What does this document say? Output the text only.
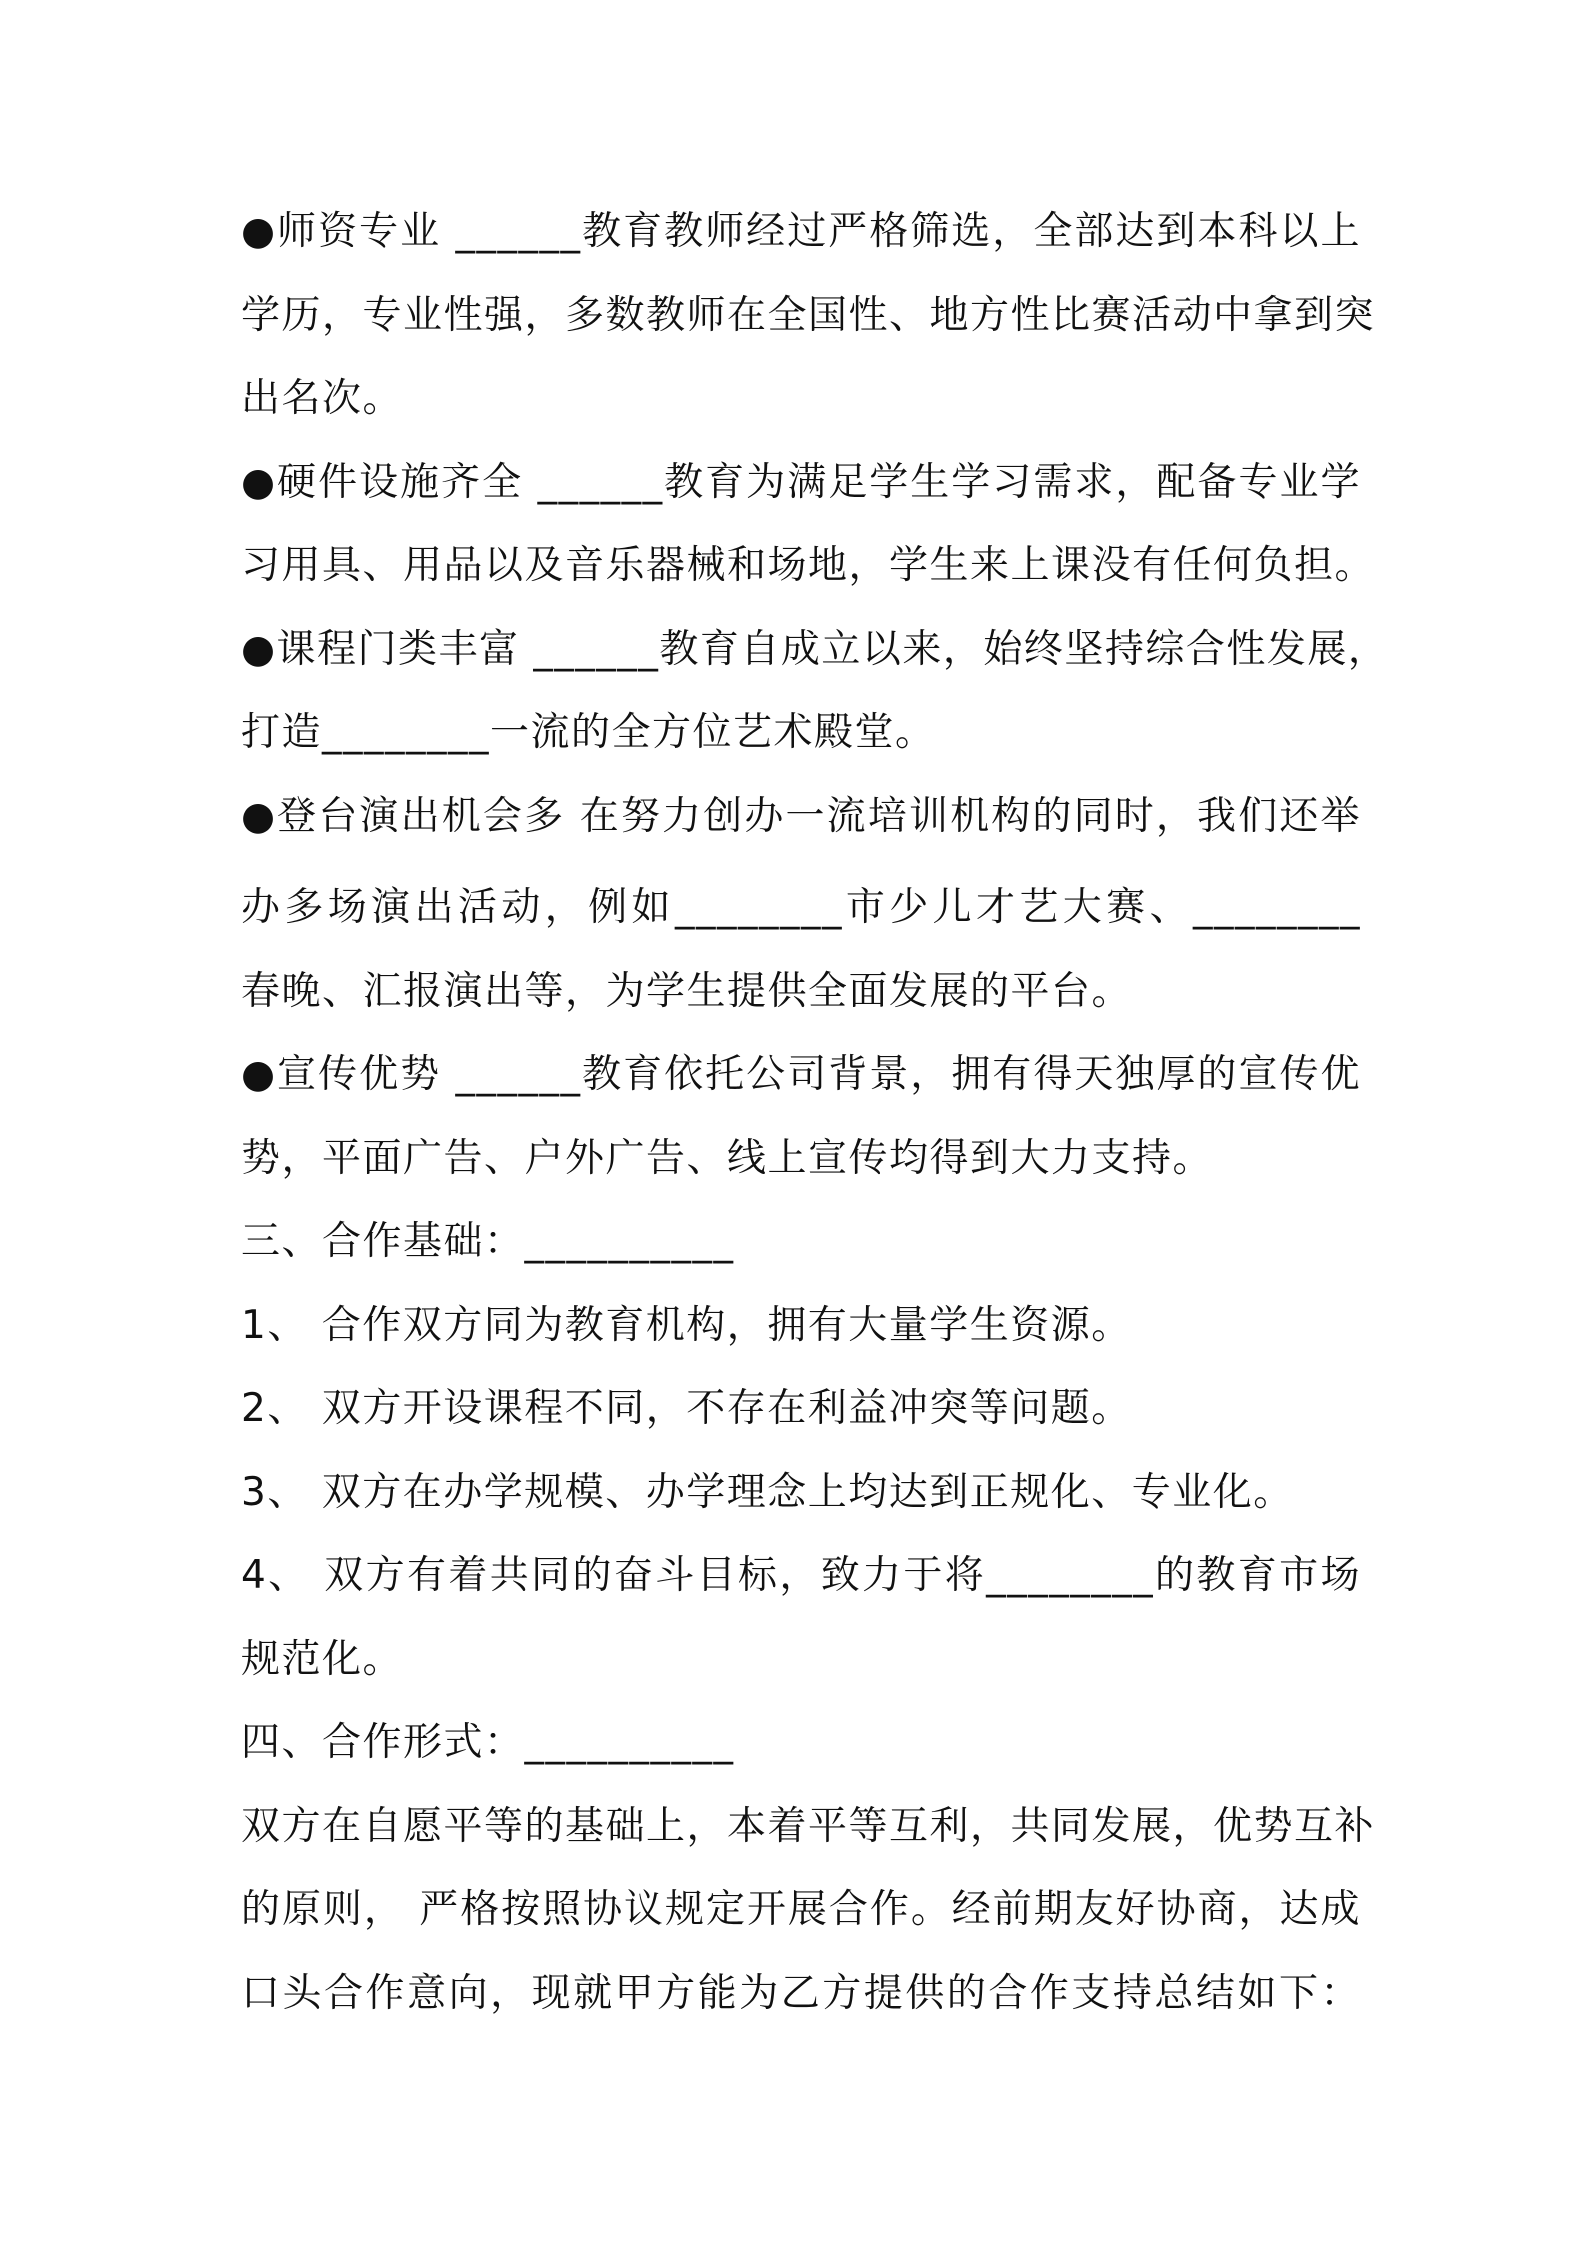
●师资专业 ______教育教师经过严格筛选，全部达到本科以上
学历，专业性强，多数教师在全国性、地方性比赛活动中拿到突
出名次。
●硬件设施齐全 ______教育为满足学生学习需求，配备专业学
习用具、用品以及音乐器械和场地，学生来上课没有任何负担。
●课程门类丰富 ______教育自成立以来，始终坚持综合性发展，
打造________一流的全方位艺术殿堂。
●登台演出机会多 在努力创办一流培训机构的同时，我们还举
办多场演出活动，例如________市少儿才艺大赛、________
春晚、汇报演出等，为学生提供全面发展的平台。
●宣传优势 ______教育依托公司背景，拥有得天独厚的宣传优
势，平面广告、户外广告、线上宣传均得到大力支持。
三、合作基础：__________
1、 合作双方同为教育机构，拥有大量学生资源。
2、 双方开设课程不同，不存在利益冲突等问题。
3、 双方在办学规模、办学理念上均达到正规化、专业化。
4、 双方有着共同的奋斗目标，致力于将________的教育市场
规范化。
四、合作形式：__________
双方在自愿平等的基础上，本着平等互利，共同发展，优势互补
的原则， 严格按照协议规定开展合作。经前期友好协商，达成
口头合作意向，现就甲方能为乙方提供的合作支持总结如下：
